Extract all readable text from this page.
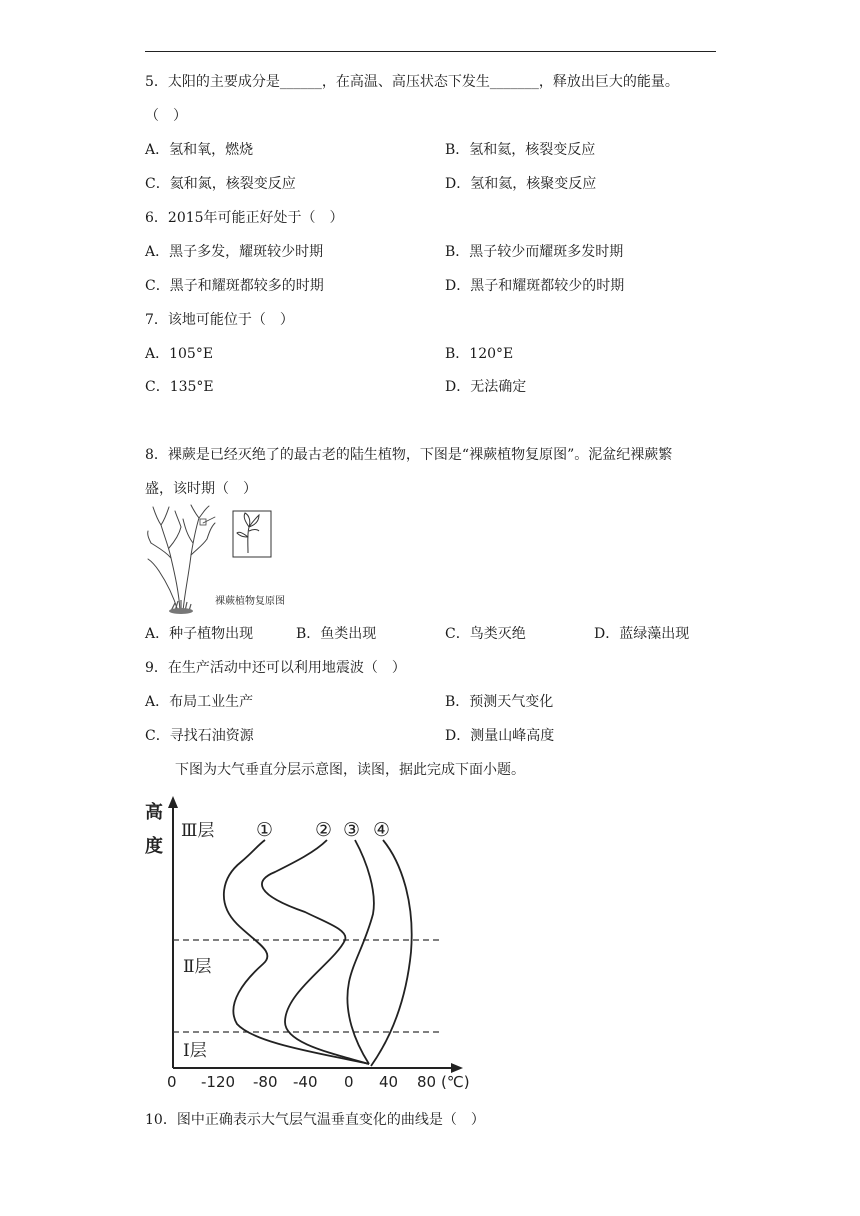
5．太阳的主要成分是______，在高温、高压状态下发生_______，释放出巨大的能量。
（　）
A．氢和氧，燃烧	B．氢和氦，核裂变反应
C．氦和氮，核裂变反应	D．氢和氦，核聚变反应
6．2015年可能正好处于（　）
A．黑子多发，耀斑较少时期	B．黑子较少而耀斑多发时期
C．黑子和耀斑都较多的时期	D．黑子和耀斑都较少的时期
7．该地可能位于（　）
A．105°E	B．120°E
C．135°E	D．无法确定
8．裸蕨是已经灭绝了的最古老的陆生植物，下图是“裸蕨植物复原图”。泥盆纪裸蕨繁
盛，该时期（　）
裸蕨植物复原图
A．种子植物出现	B．鱼类出现	C．鸟类灭绝	D．蓝绿藻出现
9．在生产活动中还可以利用地震波（　）
A．布局工业生产	B．预测天气变化
C．寻找石油资源	D．测量山峰高度
下图为大气垂直分层示意图，读图，据此完成下面小题。
高
度
Ⅲ层
Ⅱ层
Ⅰ层
① ② ③ ④
0 -120 -80 -40 0 40 80 (℃)
10．图中正确表示大气层气温垂直变化的曲线是（　）
